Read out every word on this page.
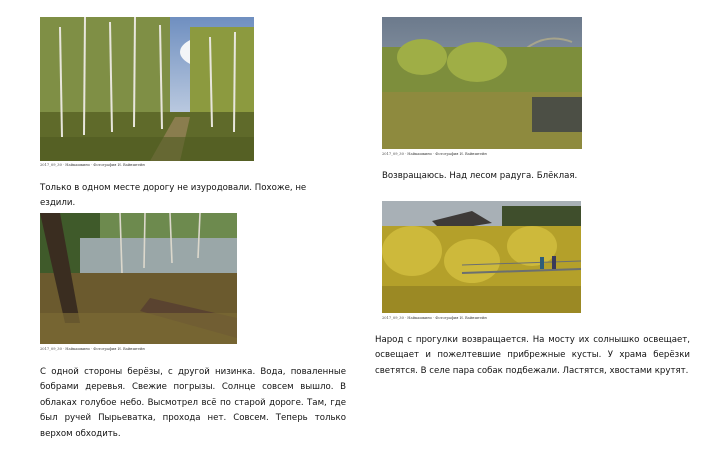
2017_09_30 · Найкашкино · Фотография И. Вайнштейн
Только в одном месте дорогу не изуродовали. Похоже, не ездили.
2017_09_30 · Найкашкино · Фотография И. Вайнштейн
С одной стороны берёзы, с другой низинка. Вода, поваленные бобрами деревья. Свежие погрызы. Солнце совсем вышло. В облаках голубое небо. Высмотрел всё по старой дороге. Там, где был ручей Пырьеватка, прохода нет. Совсем. Теперь только верхом обходить.
2017_09_30 · Найкашкино · Фотография И. Вайнштейн
Возвращаюсь. Над лесом радуга. Блёклая.
2017_09_30 · Найкашкино · Фотография И. Вайнштейн
Народ с прогулки возвращается. На мосту их солнышко освещает, освещает и пожелтевшие прибрежные кусты. У храма берёзки светятся. В селе пара собак подбежали. Ластятся, хвостами крутят.
